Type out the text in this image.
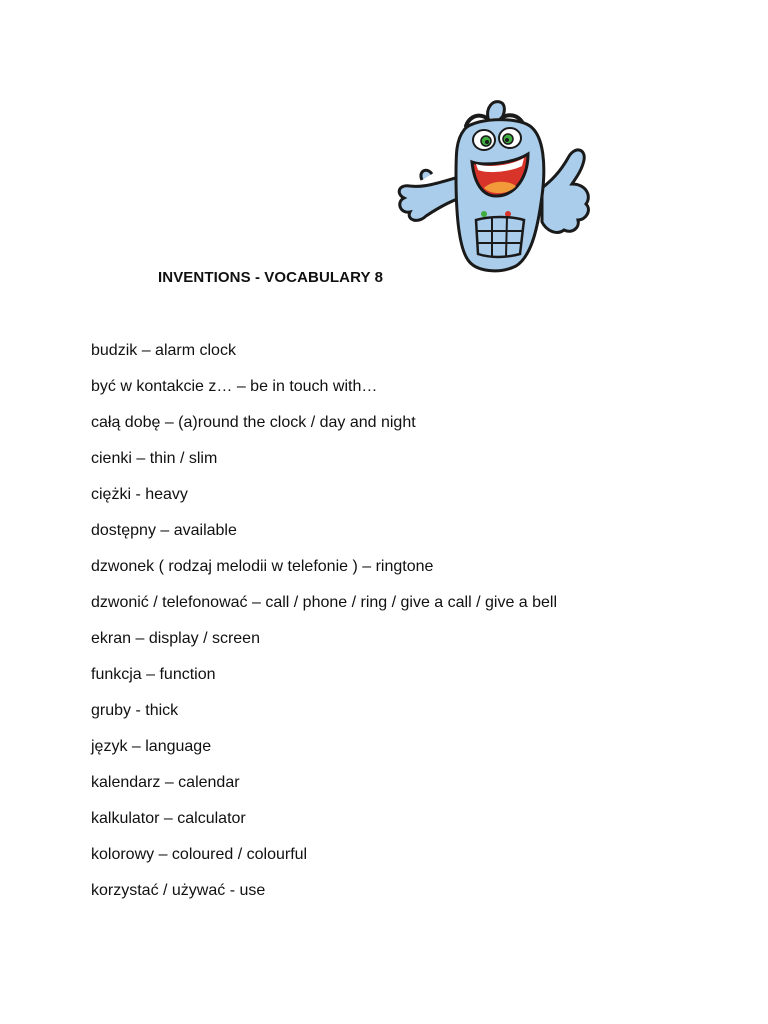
INVENTIONS - VOCABULARY 8
budzik – alarm clock
być w kontakcie z… – be in touch with…
całą dobę – (a)round the clock / day and night
cienki – thin / slim
ciężki - heavy
dostępny – available
dzwonek ( rodzaj melodii w telefonie ) – ringtone
dzwonić / telefonować – call / phone / ring / give a call / give a bell
ekran – display / screen
funkcja – function
gruby - thick
język – language
kalendarz – calendar
kalkulator – calculator
kolorowy – coloured / colourful
korzystać / używać - use
